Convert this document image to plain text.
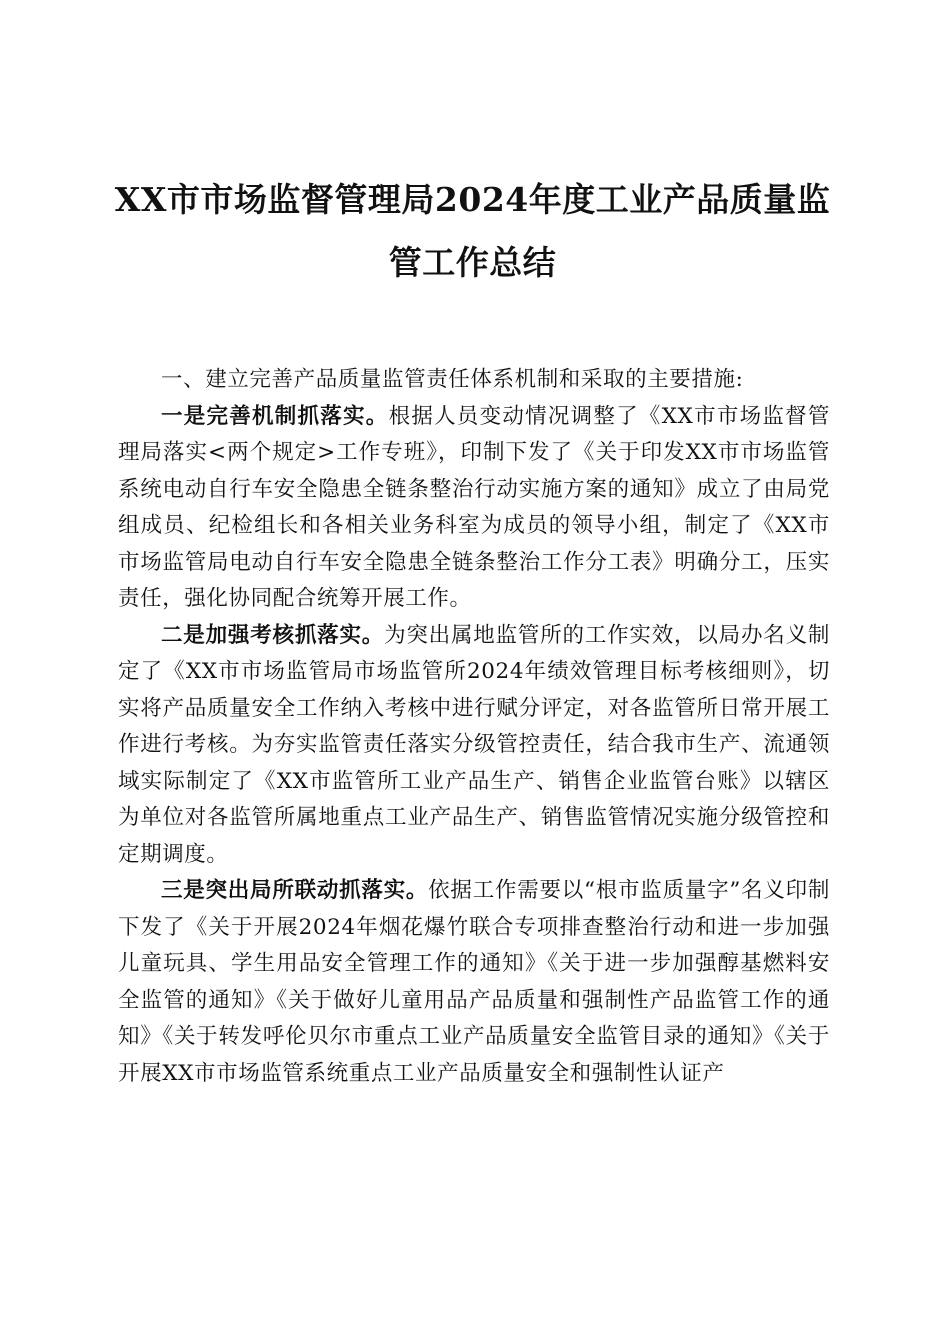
XX市市场监督管理局2024年度工业产品质量监管工作总结

一、建立完善产品质量监管责任体系机制和采取的主要措施:

一是完善机制抓落实。根据人员变动情况调整了《XX市市场监督管理局落实<两个规定>工作专班》，印制下发了《关于印发XX市市场监管系统电动自行车安全隐患全链条整治行动实施方案的通知》成立了由局党组成员、纪检组长和各相关业务科室为成员的领导小组，制定了《XX市市场监管局电动自行车安全隐患全链条整治工作分工表》明确分工，压实责任，强化协同配合统筹开展工作。

二是加强考核抓落实。为突出属地监管所的工作实效，以局办名义制定了《XX市市场监管局市场监管所2024年绩效管理目标考核细则》，切实将产品质量安全工作纳入考核中进行赋分评定，对各监管所日常开展工作进行考核。为夯实监管责任落实分级管控责任，结合我市生产、流通领域实际制定了《XX市监管所工业产品生产、销售企业监管台账》以辖区为单位对各监管所属地重点工业产品生产、销售监管情况实施分级管控和定期调度。

三是突出局所联动抓落实。依据工作需要以“根市监质量字”名义印制下发了《关于开展2024年烟花爆竹联合专项排查整治行动和进一步加强儿童玩具、学生用品安全管理工作的通知》《关于进一步加强醇基燃料安全监管的通知》《关于做好儿童用品产品质量和强制性产品监管工作的通知》《关于转发呼伦贝尔市重点工业产品质量安全监管目录的通知》《关于开展XX市市场监管系统重点工业产品质量安全和强制性认证产
